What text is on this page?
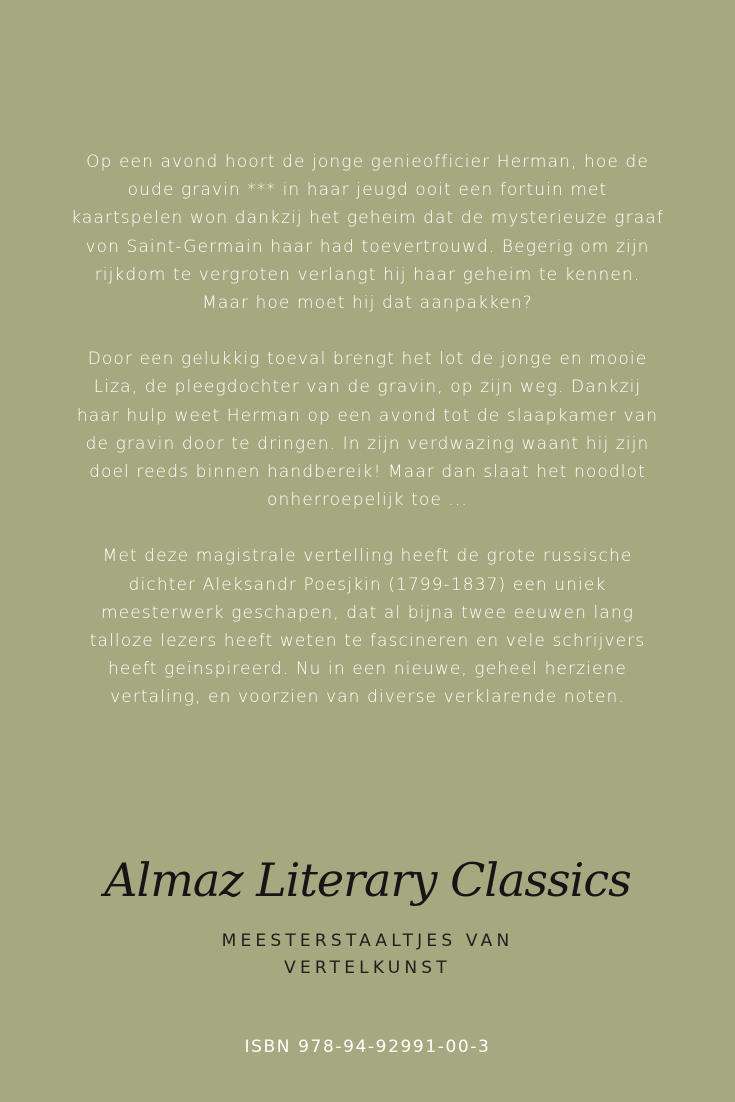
Op een avond hoort de jonge genieofficier Herman, hoe de oude gravin *** in haar jeugd ooit een fortuin met kaartspelen won dankzij het geheim dat de mysterieuze graaf von Saint-Germain haar had toevertrouwd. Begerig om zijn rijkdom te vergroten verlangt hij haar geheim te kennen. Maar hoe moet hij dat aanpakken?

Door een gelukkig toeval brengt het lot de jonge en mooie Liza, de pleegdochter van de gravin, op zijn weg. Dankzij haar hulp weet Herman op een avond tot de slaapkamer van de gravin door te dringen. In zijn verdwazing waant hij zijn doel reeds binnen handbereik! Maar dan slaat het noodlot onherroepelijk toe ...

Met deze magistrale vertelling heeft de grote russische dichter Aleksandr Poesjkin (1799-1837) een uniek meesterwerk geschapen, dat al bijna twee eeuwen lang talloze lezers heeft weten te fascineren en vele schrijvers heeft geïnspireerd. Nu in een nieuwe, geheel herziene vertaling, en voorzien van diverse verklarende noten.

Almaz Literary Classics
MEESTERSTAALTJES VAN
VERTELKUNST
ISBN 978-94-92991-00-3
